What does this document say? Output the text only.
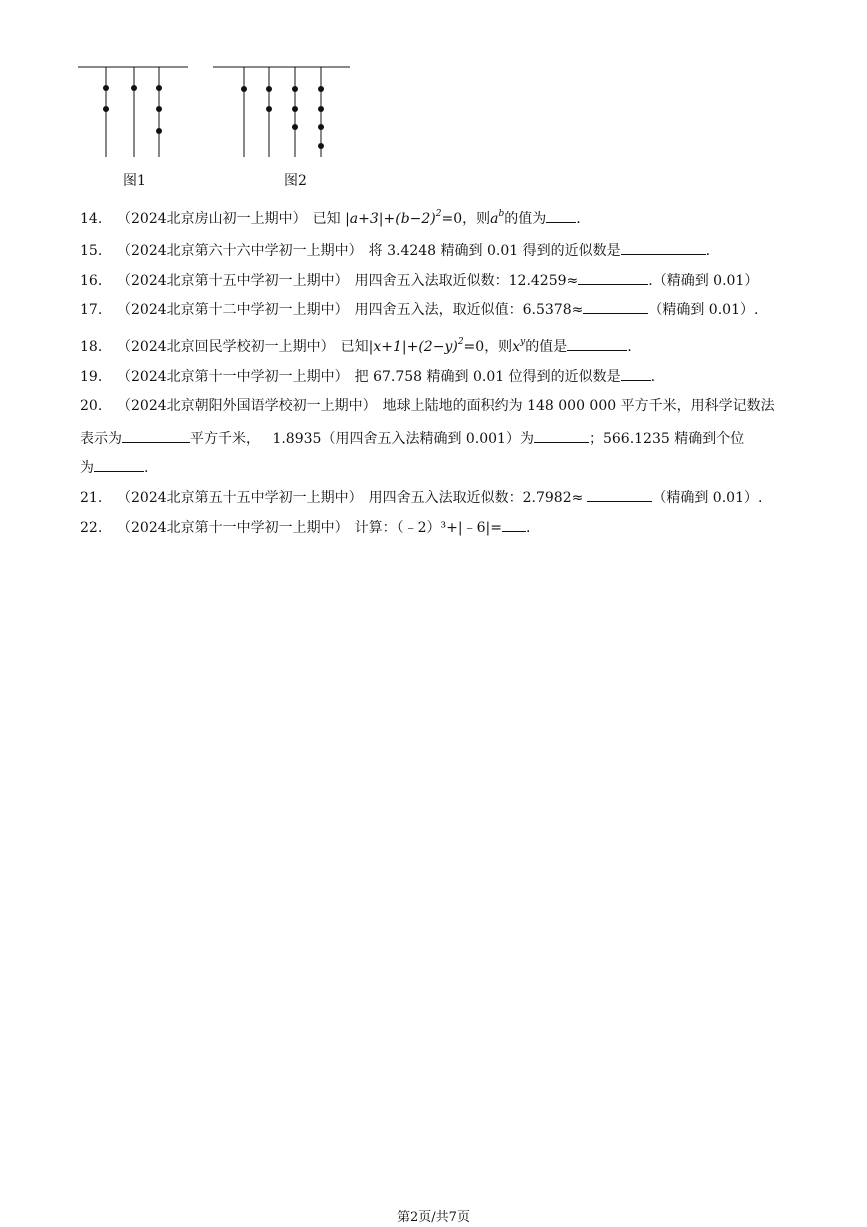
图1	图2
14. （2024北京房山初一上期中） 已知 $|a+3|+(b-2)^2=0$，则$a^b$的值为 .
15. （2024北京第六十六中学初一上期中） 将 3.4248 精确到 0.01 得到的近似数是	.
16. （2024北京第十五中学初一上期中） 用四舍五入法取近似数：12.4259≈	.（精确到 0.01）
17. （2024北京第十二中学初一上期中） 用四舍五入法，取近似值：6.5378≈	（精确到 0.01）.
18. （2024北京回民学校初一上期中） 已知$|x+1|+(2-y)^2=0$，则$x^y$的值是	.
19. （2024北京第十一中学初一上期中） 把 67.758 精确到 0.01 位得到的近似数是 .
20. （2024北京朝阳外国语学校初一上期中） 地球上陆地的面积约为 148 000 000 平方千米，用科学记数法
表示为	平方千米， 1.8935（用四舍五入法精确到 0.001）为	；566.1235 精确到个位
为	.
21. （2024北京第五十五中学初一上期中） 用四舍五入法取近似数：2.7982≈	（精确到 0.01）.
22. （2024北京第十一中学初一上期中） 计算：（﹣2）³+|﹣6|= .
第2页/共7页
